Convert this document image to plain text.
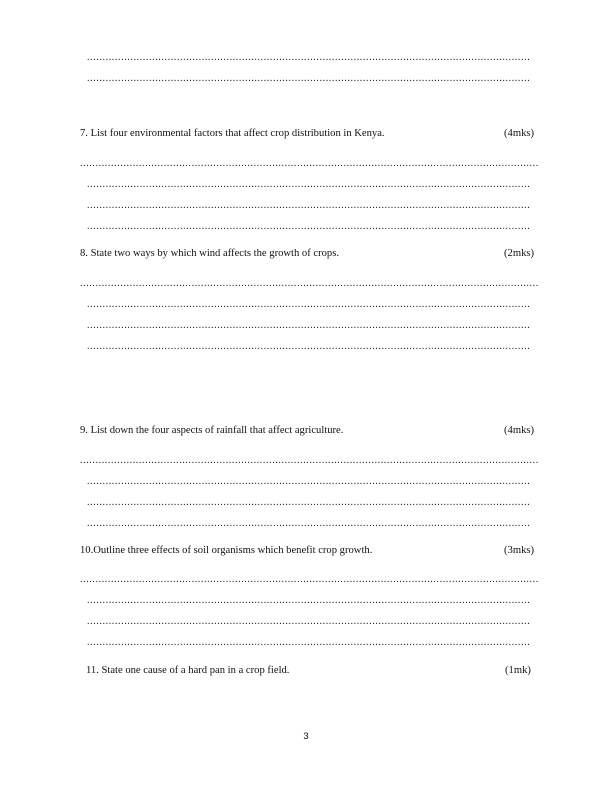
.....
.....
7. List four environmental factors that affect crop distribution in Kenya.	(4mks)
.....
.....
.....
.....
8. State two ways by which wind affects the growth of crops.	(2mks)
.....
.....
.....
.....
9. List down the four aspects of rainfall that affect agriculture.	(4mks)
.....
.....
.....
.....
10.Outline three effects of soil organisms which benefit crop growth.	(3mks)
.....
.....
.....
.....
11. State one cause of a hard pan in a crop field.	(1mk)
3
